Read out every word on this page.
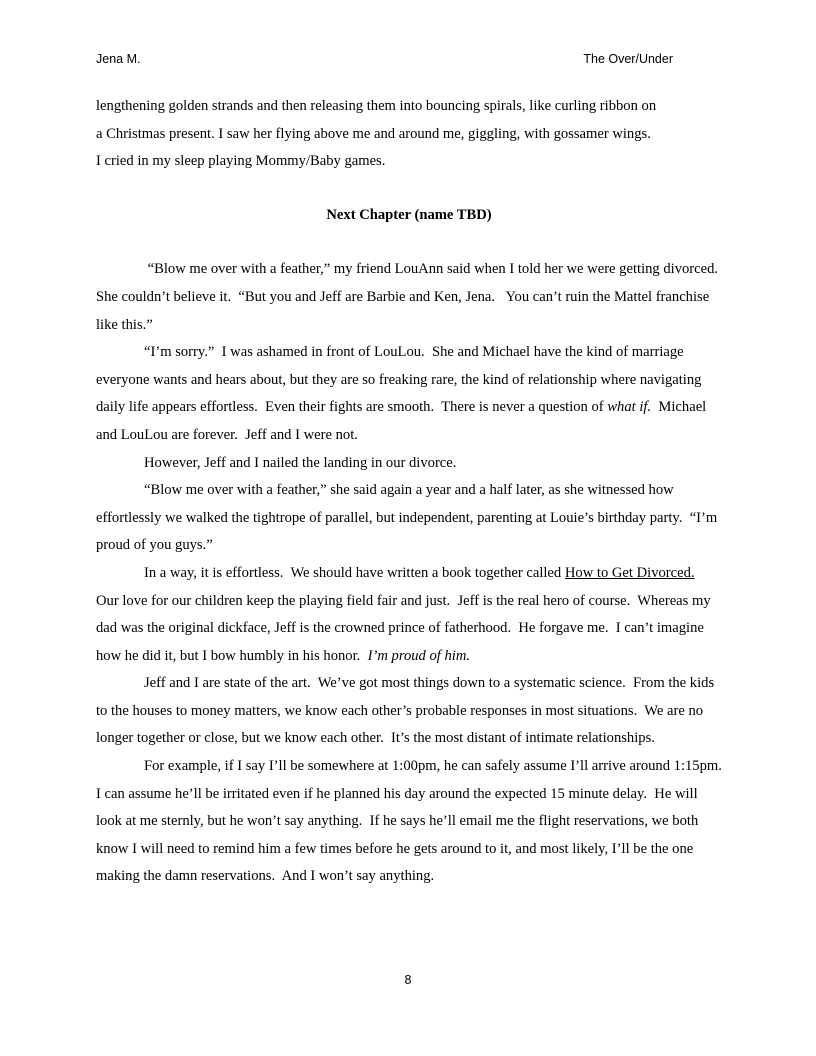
Jena M.	The Over/Under

lengthening golden strands and then releasing them into bouncing spirals, like curling ribbon on
a Christmas present. I saw her flying above me and around me, giggling, with gossamer wings.
I cried in my sleep playing Mommy/Baby games.

Next Chapter (name TBD)

“Blow me over with a feather,” my friend LouAnn said when I told her we were getting divorced.  She couldn’t believe it.  “But you and Jeff are Barbie and Ken, Jena.   You can’t ruin the Mattel franchise like this.”

“I’m sorry.”  I was ashamed in front of LouLou.  She and Michael have the kind of marriage everyone wants and hears about, but they are so freaking rare, the kind of relationship where navigating daily life appears effortless.  Even their fights are smooth.  There is never a question of what if.  Michael and LouLou are forever.  Jeff and I were not.

However, Jeff and I nailed the landing in our divorce.

“Blow me over with a feather,” she said again a year and a half later, as she witnessed how effortlessly we walked the tightrope of parallel, but independent, parenting at Louie’s birthday party.  “I’m proud of you guys.”

In a way, it is effortless.  We should have written a book together called How to Get Divorced.  Our love for our children keep the playing field fair and just.  Jeff is the real hero of course.  Whereas my dad was the original dickface, Jeff is the crowned prince of fatherhood.  He forgave me.  I can’t imagine how he did it, but I bow humbly in his honor.  I’m proud of him.

Jeff and I are state of the art.  We’ve got most things down to a systematic science.  From the kids to the houses to money matters, we know each other’s probable responses in most situations.  We are no longer together or close, but we know each other.  It’s the most distant of intimate relationships.

For example, if I say I’ll be somewhere at 1:00pm, he can safely assume I’ll arrive around 1:15pm.  I can assume he’ll be irritated even if he planned his day around the expected 15 minute delay.  He will look at me sternly, but he won’t say anything.  If he says he’ll email me the flight reservations, we both know I will need to remind him a few times before he gets around to it, and most likely, I’ll be the one making the damn reservations.  And I won’t say anything.

8
